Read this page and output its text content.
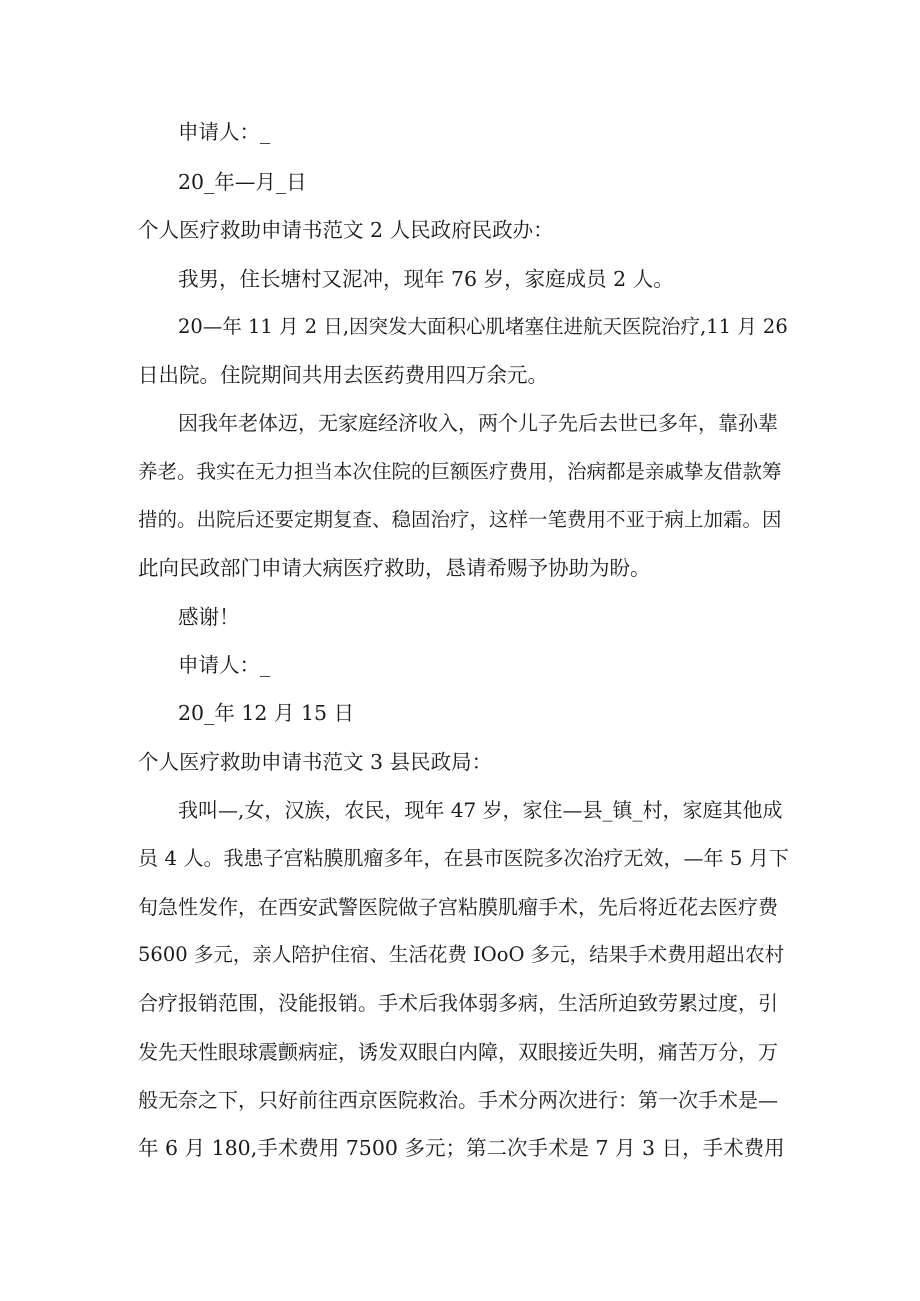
申请人：_
20_年—月_日
个人医疗救助申请书范文 2 人民政府民政办：
我男，住长塘村又泥冲，现年 76 岁，家庭成员 2 人。
20—年 11 月 2 日,因突发大面积心肌堵塞住进航天医院治疗,11 月 26
日出院。住院期间共用去医药费用四万余元。
因我年老体迈，无家庭经济收入，两个儿子先后去世已多年，靠孙辈
养老。我实在无力担当本次住院的巨额医疗费用，治病都是亲戚挚友借款筹
措的。出院后还要定期复查、稳固治疗，这样一笔费用不亚于病上加霜。因
此向民政部门申请大病医疗救助，恳请希赐予协助为盼。
感谢！
申请人：_
20_年 12 月 15 日
个人医疗救助申请书范文 3 县民政局：
我叫—,女，汉族，农民，现年 47 岁，家住—县_镇_村，家庭其他成
员 4 人。我患子宫粘膜肌瘤多年，在县市医院多次治疗无效，—年 5 月下
旬急性发作，在西安武警医院做子宫粘膜肌瘤手术，先后将近花去医疗费
5600 多元，亲人陪护住宿、生活花费 IOoO 多元，结果手术费用超出农村
合疗报销范围，没能报销。手术后我体弱多病，生活所迫致劳累过度，引
发先天性眼球震颤病症，诱发双眼白内障，双眼接近失明，痛苦万分，万
般无奈之下，只好前往西京医院救治。手术分两次进行：第一次手术是—
年 6 月 180,手术费用 7500 多元；第二次手术是 7 月 3 日，手术费用
